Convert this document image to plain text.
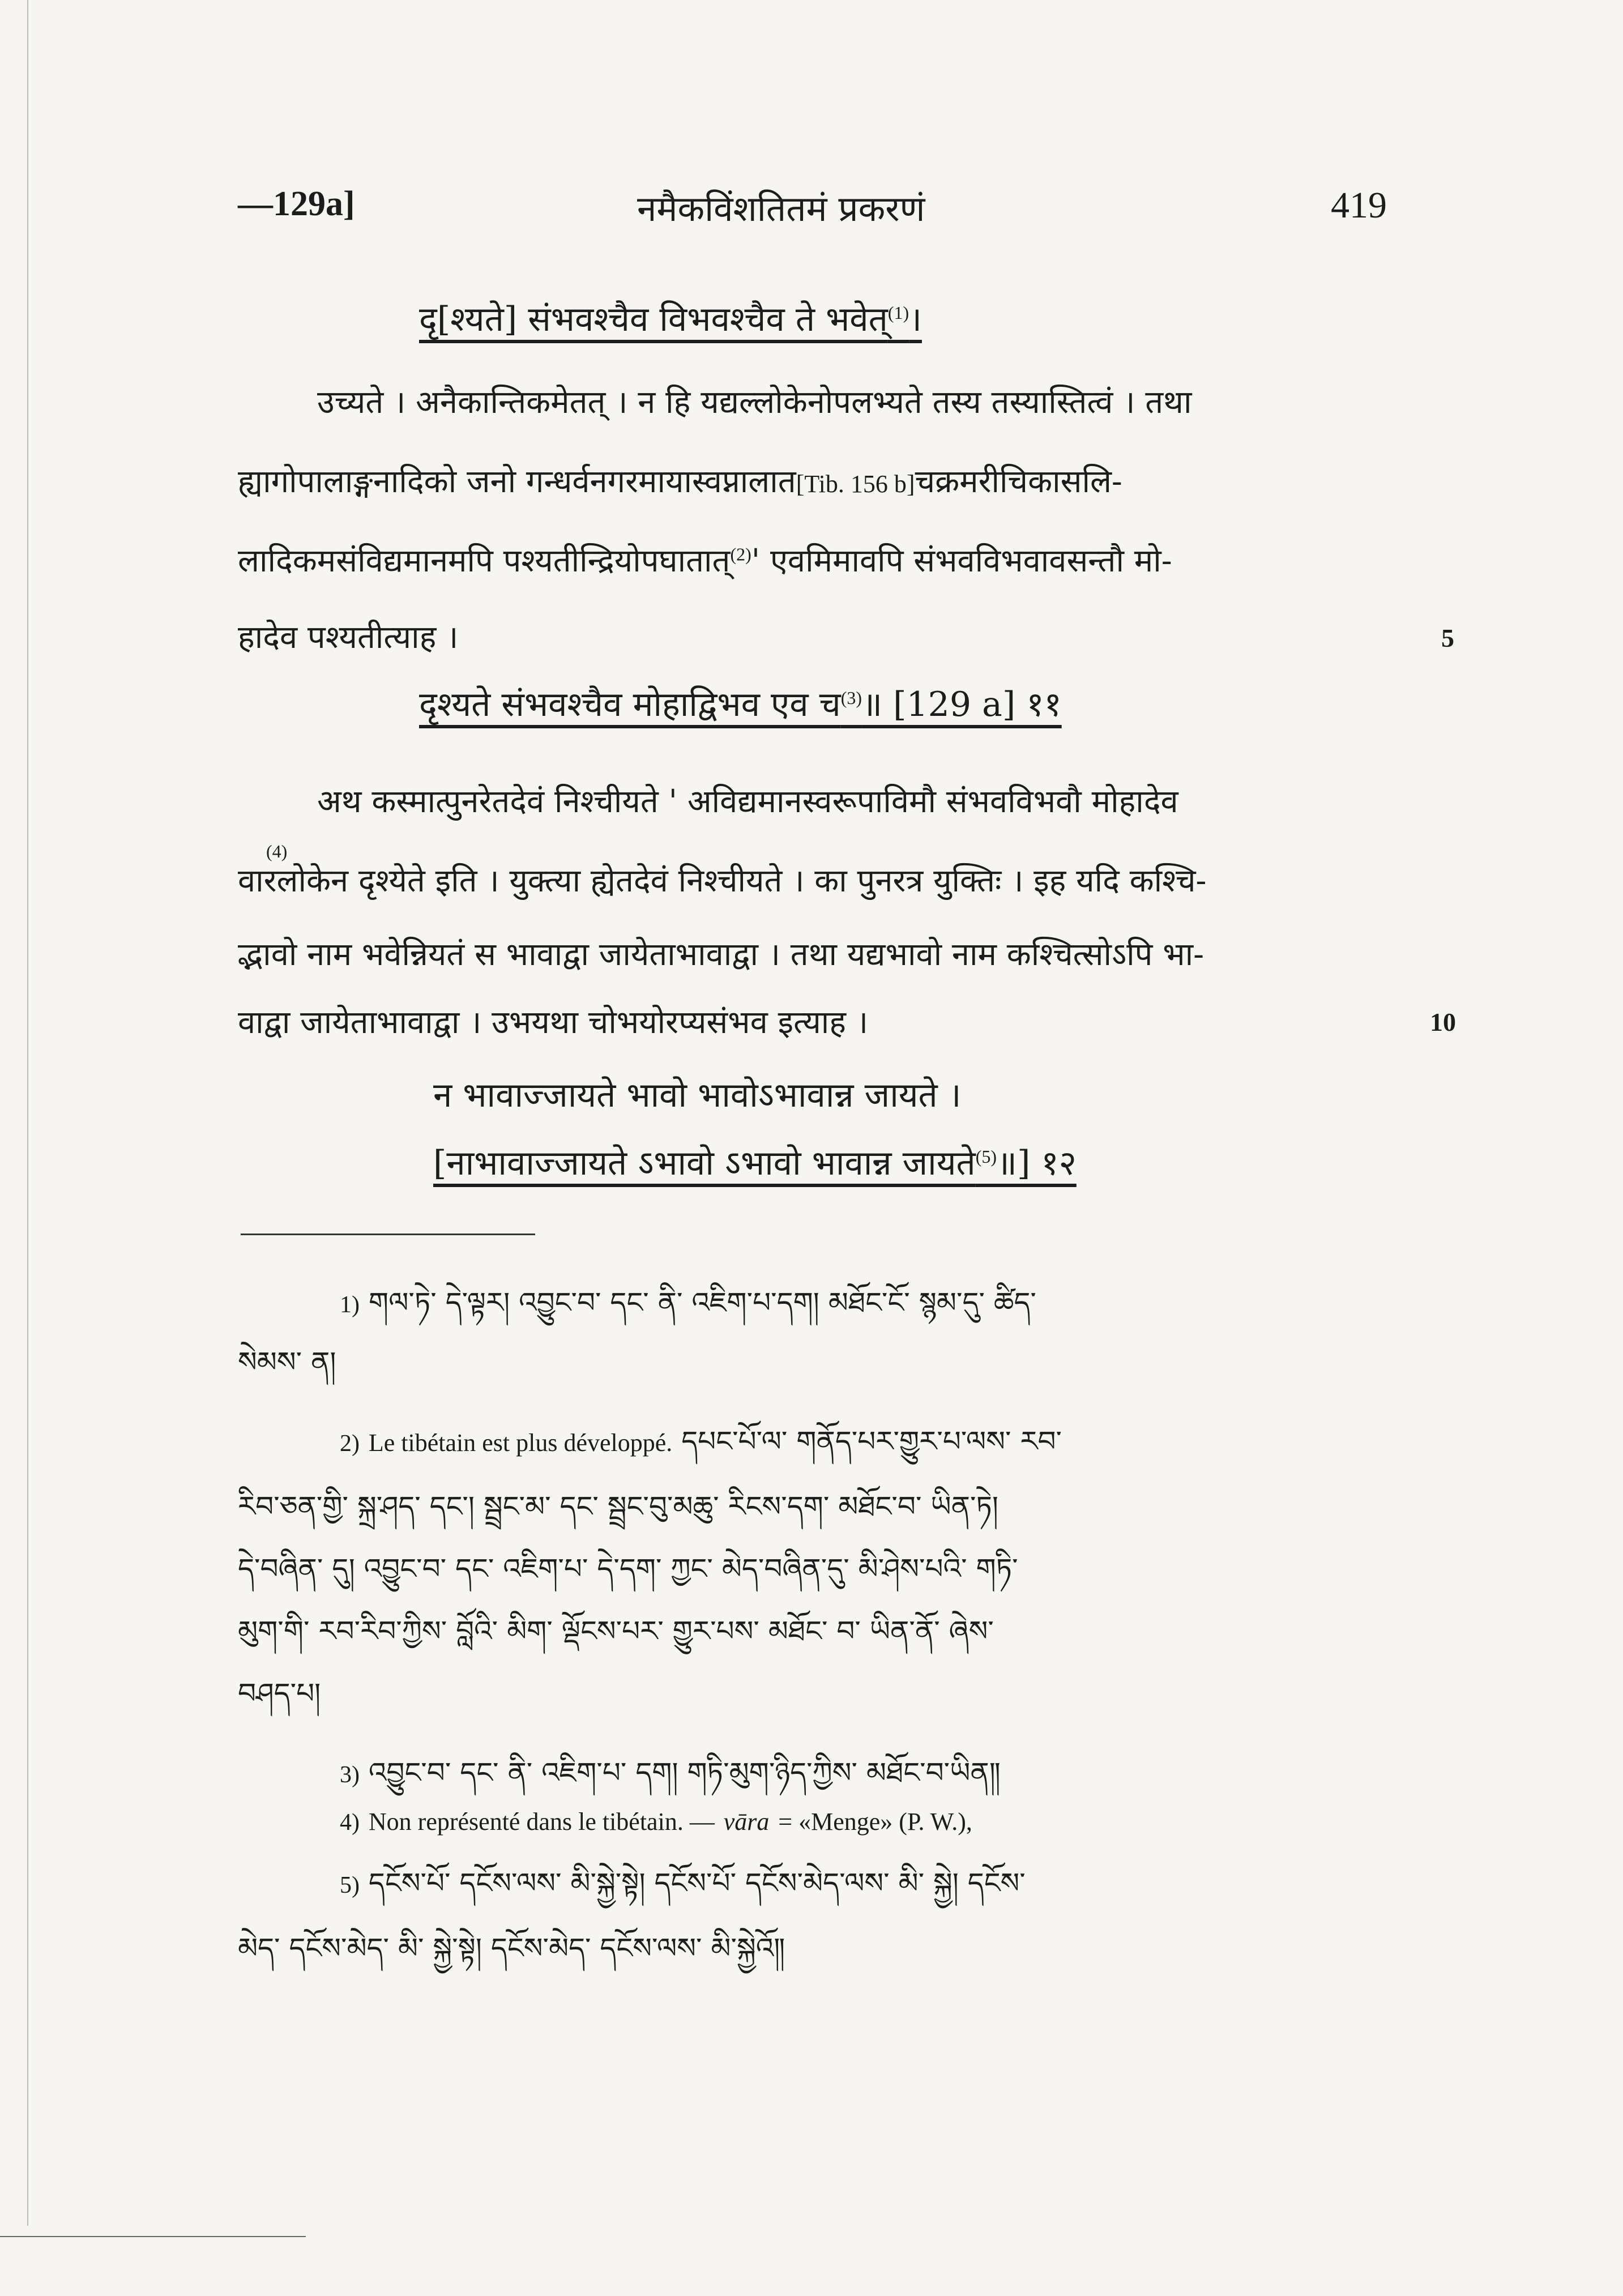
—129a]	नमैकविंशतितमं प्रकरणं	419
दृ[श्यते] संभवश्चैव विभवश्चैव ते भवेत्$^{(1)}$।
उच्यते । अनैकान्तिकमेतत् । न हि यद्यल्लोकेनोपलभ्यते तस्य तस्यास्तित्वं । तथा
ह्यागोपालाङ्गनादिको जनो गन्धर्वनगरमायास्वप्नालात[Tib. 156 b]चक्रमरीचिकासलि-
लादिकमसंविद्यमानमपि पश्यतीन्द्रियोपघातात्$^{(2)}$' एवमिमावपि संभवविभवावसन्तौ मो-
हादेव पश्यतीत्याह ।	5
दृश्यते संभवश्चैव मोहाद्विभव एव च$^{(3)}$॥ [129 a] ११
अथ कस्मात्पुनरेतदेवं निश्चीयते ' अविद्यमानस्वरूपाविमौ संभवविभवौ मोहादेव
(4)
वारलोकेन दृश्येते इति । युक्त्या ह्येतदेवं निश्चीयते । का पुनरत्र युक्तिः । इह यदि कश्चि-
द्भावो नाम भवेन्नियतं स भावाद्वा जायेताभावाद्वा । तथा यद्यभावो नाम कश्चित्सोऽपि भा-
वाद्वा जायेताभावाद्वा । उभयथा चोभयोरप्यसंभव इत्याह ।	10
न भावाज्जायते भावो भावोऽभावान्न जायते ।
[नाभावाज्जायते ऽभावो ऽभावो भावान्न जायते$^{(5)}$॥] १२
1) གལ་ཏེ་ དེ་ལྟར། འབྱུང་བ་ དང་ ནི་ འཇིག་པ་དག། མཐོང་ངོ་ སྙམ་དུ་ ཚིད་
སེམས་ ན།
2) Le tibétain est plus développé. དཔང་པོ་ལ་ གནོད་པར་གྱུར་པ་ལས་ རབ་
རིབ་ཅན་གྱི་ སྐྲ་ཤད་ དང་། སྦྲང་མ་ དང་ སྦྲང་བུ་མཆུ་ རིངས་དག་ མཐོང་བ་ ཡིན་ཏེ།
དེ་བཞིན་ དུ། འབྱུང་བ་ དང་ འཇིག་པ་ དེ་དག་ ཀྱང་ མེད་བཞིན་དུ་ མི་ཤེས་པའི་ གཏི་
མུག་གི་ རབ་རིབ་ཀྱིས་ བློའི་ མིག་ ལྡོངས་པར་ གྱུར་པས་ མཐོང་ བ་ ཡིན་ནོ་ ཞེས་
བཤད་པ།
3) འབྱུང་བ་ དང་ ནི་ འཇིག་པ་ དག། གཏི་མུག་ཉིད་ཀྱིས་ མཐོང་བ་ཡིན༎
4) Non représenté dans le tibétain. — vāra = «Menge» (P. W.),
5) དངོས་པོ་ དངོས་ལས་ མི་སྐྱེ་སྟེ། དངོས་པོ་ དངོས་མེད་ལས་ མི་ སྐྱེ། དངོས་
མེད་ དངོས་མེད་ མི་ སྐྱེ་སྟེ། དངོས་མེད་ དངོས་ལས་ མི་སྐྱེའོ༎
